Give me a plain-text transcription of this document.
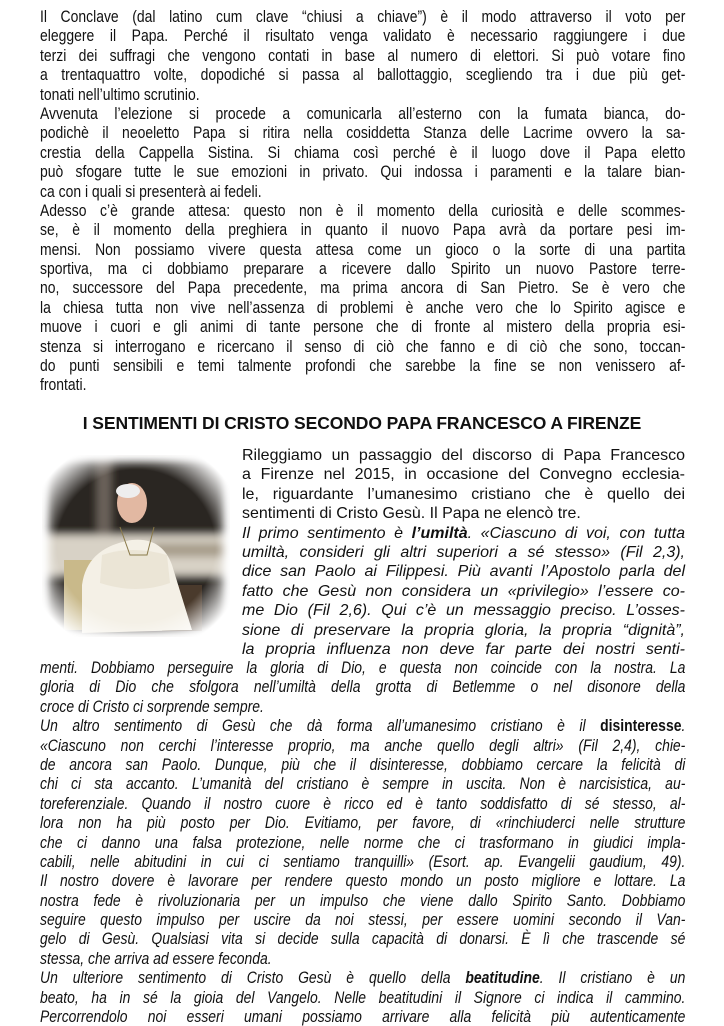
Il Conclave (dal latino cum clave “chiusi a chiave”) è il modo attraverso il voto per
eleggere il Papa. Perché il risultato venga validato è necessario raggiungere i due
terzi dei suffragi che vengono contati in base al numero di elettori. Si può votare fino
a trentaquattro volte, dopodiché si passa al ballottaggio, scegliendo tra i due più get-
tonati nell’ultimo scrutinio.
Avvenuta l’elezione si procede a comunicarla all’esterno con la fumata bianca, do-
podichè il neoeletto Papa si ritira nella cosiddetta Stanza delle Lacrime ovvero la sa-
crestia della Cappella Sistina. Si chiama così perché è il luogo dove il Papa eletto
può sfogare tutte le sue emozioni in privato. Qui indossa i paramenti e la talare bian-
ca con i quali si presenterà ai fedeli.
Adesso c’è grande attesa: questo non è il momento della curiosità e delle scommes-
se, è il momento della preghiera in quanto il nuovo Papa avrà da portare pesi im-
mensi. Non possiamo vivere questa attesa come un gioco o la sorte di una partita
sportiva, ma ci dobbiamo preparare a ricevere dallo Spirito un nuovo Pastore terre-
no, successore del Papa precedente, ma prima ancora di San Pietro. Se è vero che
la chiesa tutta non vive nell’assenza di problemi è anche vero che lo Spirito agisce e
muove i cuori e gli animi di tante persone che di fronte al mistero della propria esi-
stenza si interrogano e ricercano il senso di ciò che fanno e di ciò che sono, toccan-
do punti sensibili e temi talmente profondi che sarebbe la fine se non venissero af-
frontati.
I SENTIMENTI DI CRISTO SECONDO PAPA FRANCESCO A FIRENZE
Rileggiamo un passaggio del discorso di Papa Francesco
a Firenze nel 2015, in occasione del Convegno ecclesia-
le, riguardante l’umanesimo cristiano che è quello dei
sentimenti di Cristo Gesù. Il Papa ne elencò tre.
Il primo sentimento è l’umiltà. «Ciascuno di voi, con tutta
umiltà, consideri gli altri superiori a sé stesso» (Fil 2,3),
dice san Paolo ai Filippesi. Più avanti l’Apostolo parla del
fatto che Gesù non considera un «privilegio» l’essere co-
me Dio (Fil 2,6). Qui c’è un messaggio preciso. L’osses-
sione di preservare la propria gloria, la propria “dignità”,
la propria influenza non deve far parte dei nostri senti-
menti. Dobbiamo perseguire la gloria di Dio, e questa non coincide con la nostra. La
gloria di Dio che sfolgora nell’umiltà della grotta di Betlemme o nel disonore della
croce di Cristo ci sorprende sempre.
Un altro sentimento di Gesù che dà forma all’umanesimo cristiano è il disinteresse.
«Ciascuno non cerchi l’interesse proprio, ma anche quello degli altri» (Fil 2,4), chie-
de ancora san Paolo. Dunque, più che il disinteresse, dobbiamo cercare la felicità di
chi ci sta accanto. L’umanità del cristiano è sempre in uscita. Non è narcisistica, au-
toreferenziale. Quando il nostro cuore è ricco ed è tanto soddisfatto di sé stesso, al-
lora non ha più posto per Dio. Evitiamo, per favore, di «rinchiuderci nelle strutture
che ci danno una falsa protezione, nelle norme che ci trasformano in giudici impla-
cabili, nelle abitudini in cui ci sentiamo tranquilli» (Esort. ap. Evangelii gaudium, 49).
Il nostro dovere è lavorare per rendere questo mondo un posto migliore e lottare. La
nostra fede è rivoluzionaria per un impulso che viene dallo Spirito Santo. Dobbiamo
seguire questo impulso per uscire da noi stessi, per essere uomini secondo il Van-
gelo di Gesù. Qualsiasi vita si decide sulla capacità di donarsi. È lì che trascende sé
stessa, che arriva ad essere feconda.
Un ulteriore sentimento di Cristo Gesù è quello della beatitudine. Il cristiano è un
beato, ha in sé la gioia del Vangelo. Nelle beatitudini il Signore ci indica il cammino.
Percorrendolo noi esseri umani possiamo arrivare alla felicità più autenticamente
